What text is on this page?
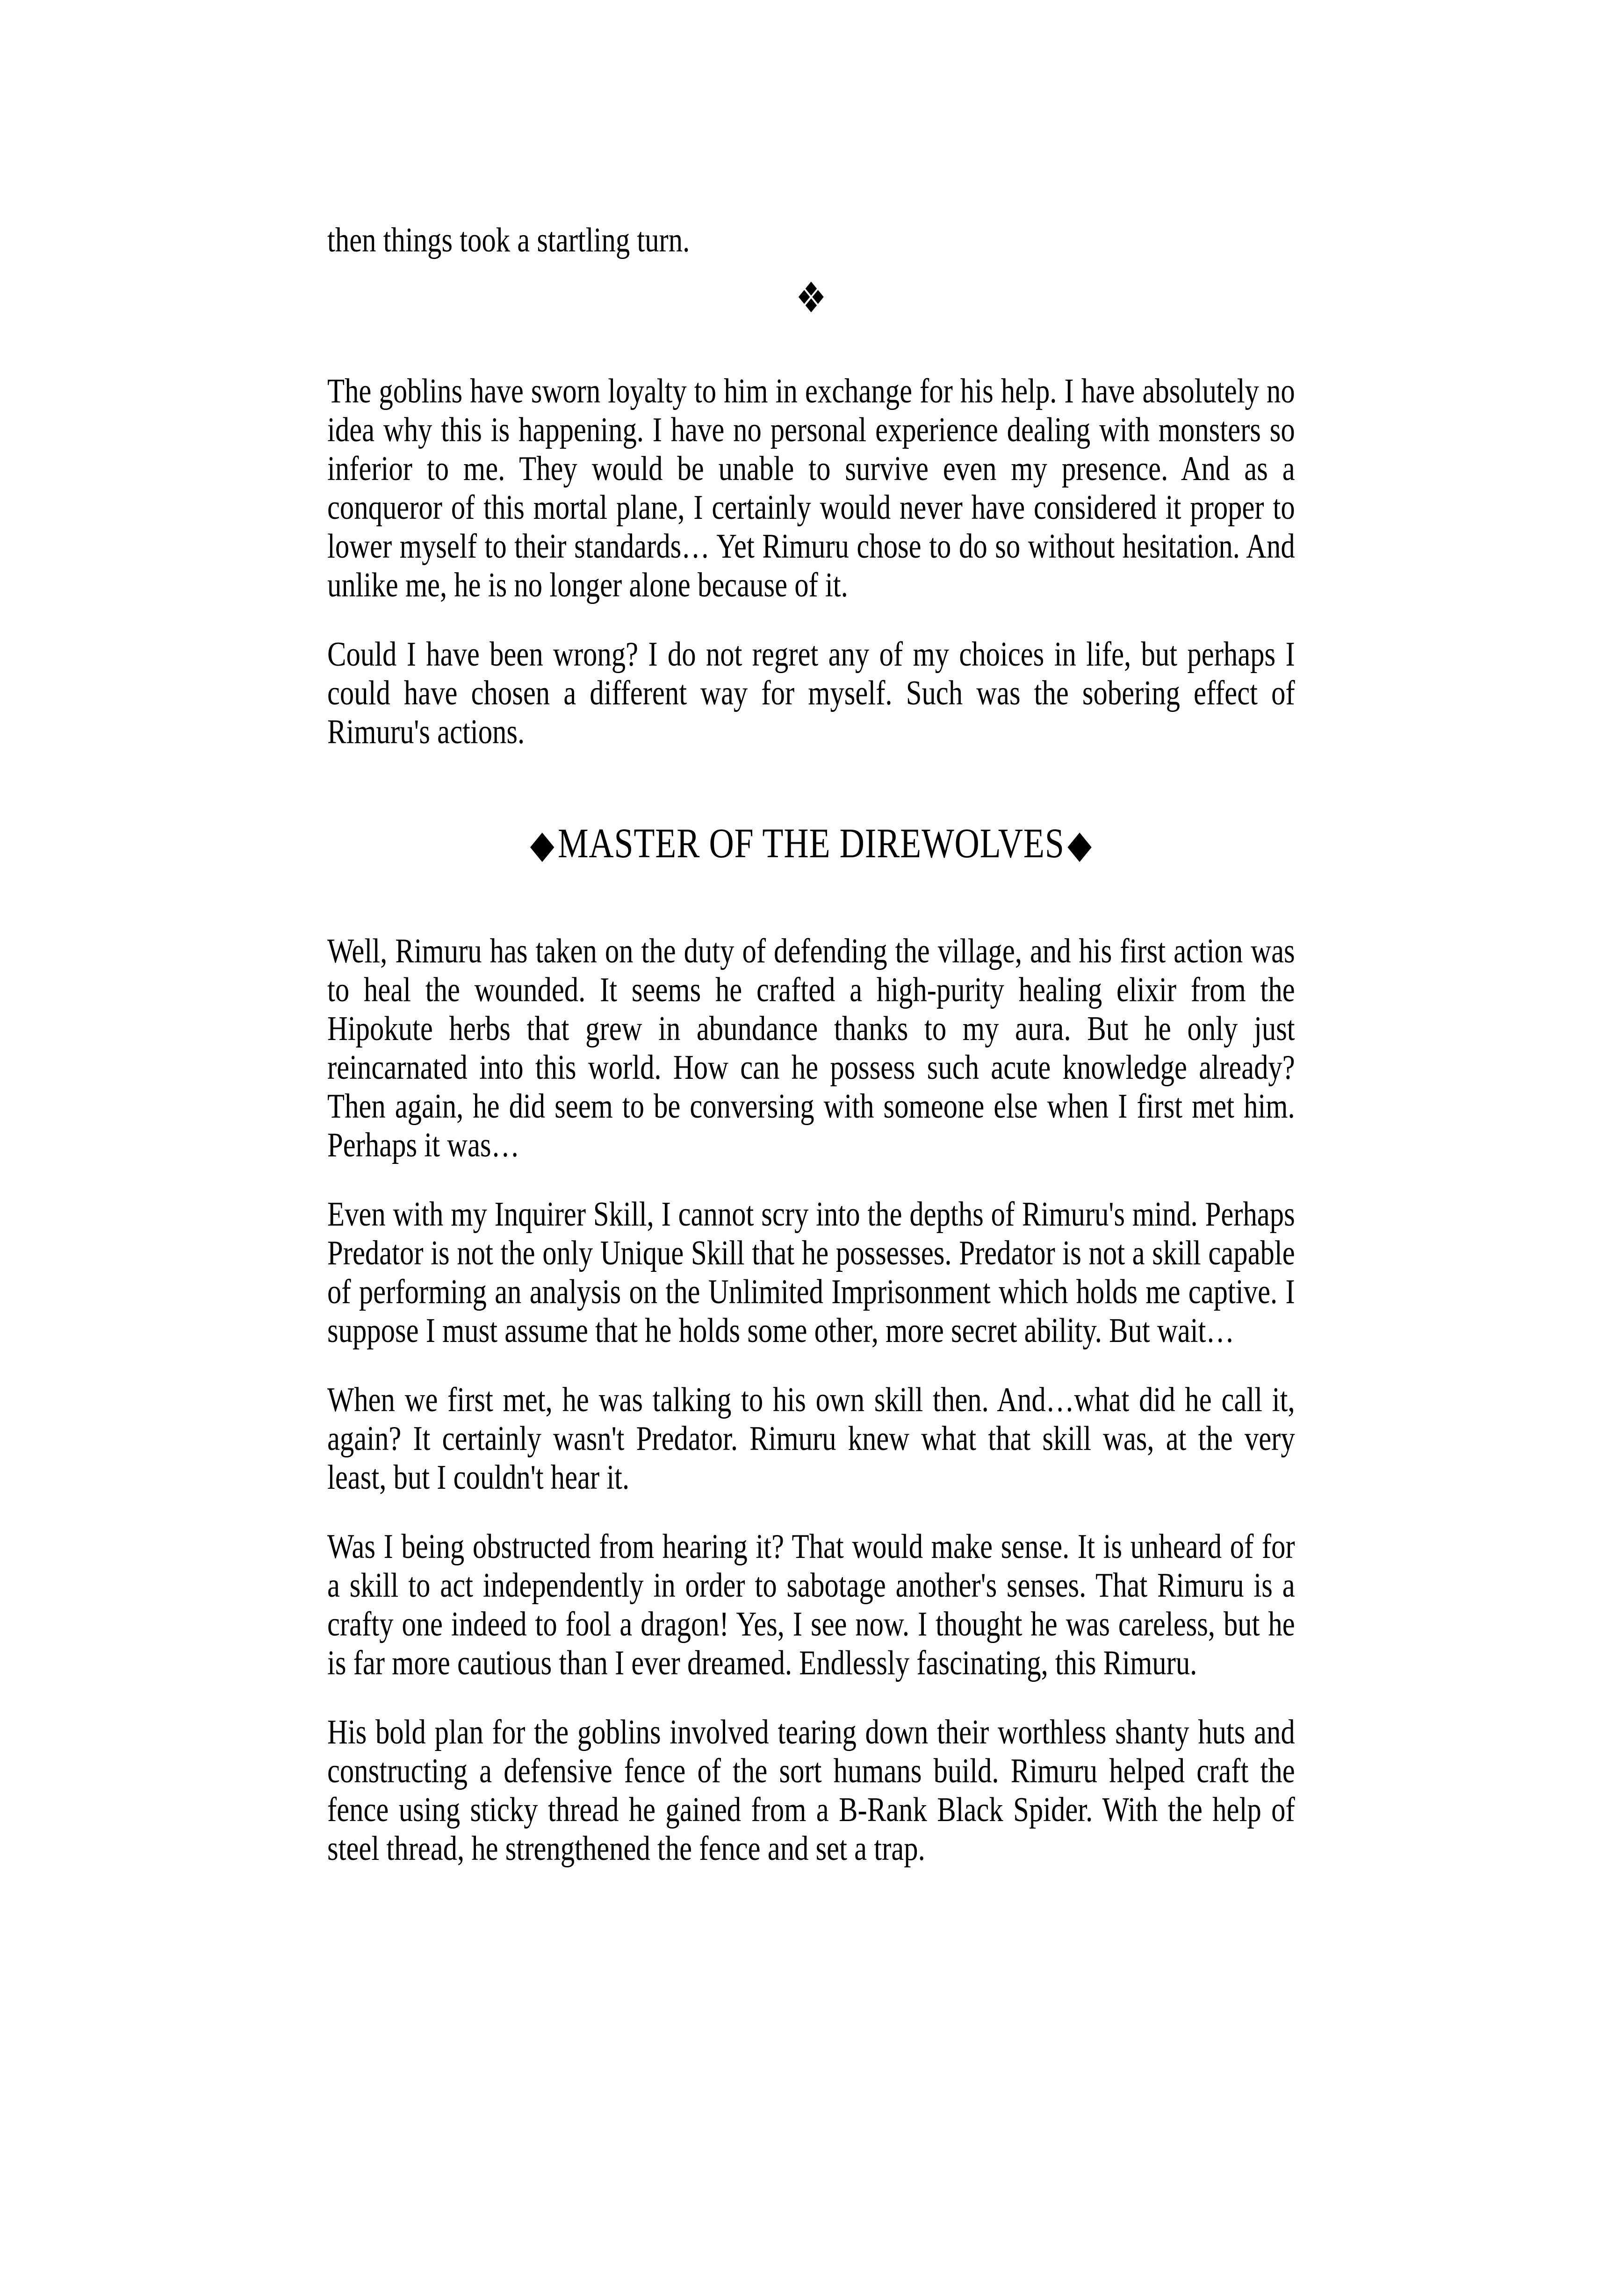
then things took a startling turn.

❖

The goblins have sworn loyalty to him in exchange for his help. I have absolutely no idea why this is happening. I have no personal experience dealing with monsters so inferior to me. They would be unable to survive even my presence. And as a conqueror of this mortal plane, I certainly would never have considered it proper to lower myself to their standards… Yet Rimuru chose to do so without hesitation. And unlike me, he is no longer alone because of it.

Could I have been wrong? I do not regret any of my choices in life, but perhaps I could have chosen a different way for myself. Such was the sobering effect of Rimuru's actions.

◆MASTER OF THE DIREWOLVES◆

Well, Rimuru has taken on the duty of defending the village, and his first action was to heal the wounded. It seems he crafted a high-purity healing elixir from the Hipokute herbs that grew in abundance thanks to my aura. But he only just reincarnated into this world. How can he possess such acute knowledge already? Then again, he did seem to be conversing with someone else when I first met him. Perhaps it was…

Even with my Inquirer Skill, I cannot scry into the depths of Rimuru's mind. Perhaps Predator is not the only Unique Skill that he possesses. Predator is not a skill capable of performing an analysis on the Unlimited Imprisonment which holds me captive. I suppose I must assume that he holds some other, more secret ability. But wait…

When we first met, he was talking to his own skill then. And…what did he call it, again? It certainly wasn't Predator. Rimuru knew what that skill was, at the very least, but I couldn't hear it.

Was I being obstructed from hearing it? That would make sense. It is unheard of for a skill to act independently in order to sabotage another's senses. That Rimuru is a crafty one indeed to fool a dragon! Yes, I see now. I thought he was careless, but he is far more cautious than I ever dreamed. Endlessly fascinating, this Rimuru.

His bold plan for the goblins involved tearing down their worthless shanty huts and constructing a defensive fence of the sort humans build. Rimuru helped craft the fence using sticky thread he gained from a B-Rank Black Spider. With the help of steel thread, he strengthened the fence and set a trap.
